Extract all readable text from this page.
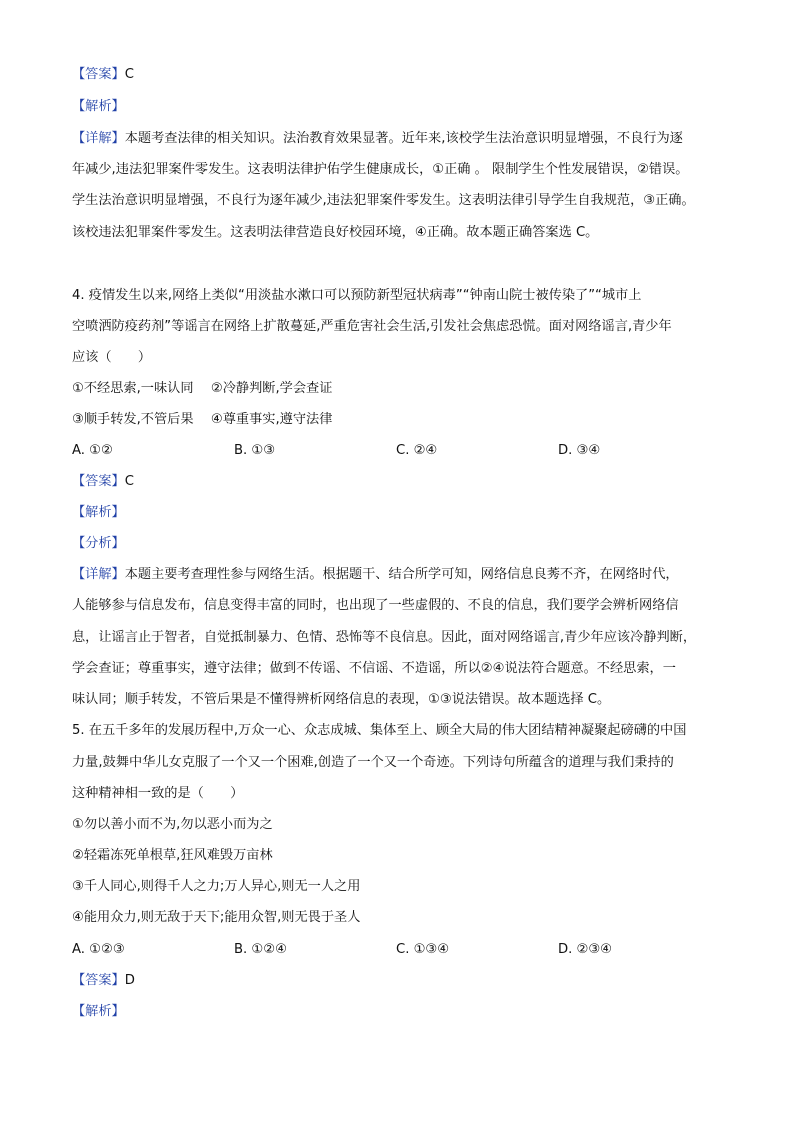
【答案】C
【解析】
【详解】本题考查法律的相关知识。法治教育效果显著。近年来,该校学生法治意识明显增强，不良行为逐
年减少,违法犯罪案件零发生。这表明法律护佑学生健康成长，①正确 。 限制学生个性发展错误，②错误。
学生法治意识明显增强，不良行为逐年减少,违法犯罪案件零发生。这表明法律引导学生自我规范，③正确。
该校违法犯罪案件零发生。这表明法律营造良好校园环境，④正确。故本题正确答案选 C。
4. 疫情发生以来,网络上类似“用淡盐水漱口可以预防新型冠状病毒”“钟南山院士被传染了”“城市上
空喷洒防疫药剂”等谣言在网络上扩散蔓延,严重危害社会生活,引发社会焦虑恐慌。面对网络谣言,青少年
应该（　　）
①不经思索,一味认同　 ②冷静判断,学会查证
③顺手转发,不管后果　 ④尊重事实,遵守法律
A. ①②	B. ①③	C. ②④	D. ③④
【答案】C
【解析】
【分析】
【详解】本题主要考查理性参与网络生活。根据题干、结合所学可知，网络信息良莠不齐，在网络时代，
人能够参与信息发布，信息变得丰富的同时，也出现了一些虚假的、不良的信息，我们要学会辨析网络信
息，让谣言止于智者，自觉抵制暴力、色情、恐怖等不良信息。因此，面对网络谣言,青少年应该冷静判断，
学会查证；尊重事实，遵守法律；做到不传谣、不信谣、不造谣，所以②④说法符合题意。不经思索，一
味认同；顺手转发，不管后果是不懂得辨析网络信息的表现，①③说法错误。故本题选择 C。
5. 在五千多年的发展历程中,万众一心、众志成城、集体至上、顾全大局的伟大团结精神凝聚起磅礴的中国
力量,鼓舞中华儿女克服了一个又一个困难,创造了一个又一个奇迹。下列诗句所蕴含的道理与我们秉持的
这种精神相一致的是（　　）
①勿以善小而不为,勿以恶小而为之
②轻霜冻死单根草,狂风难毁万亩林
③千人同心,则得千人之力;万人异心,则无一人之用
④能用众力,则无敌于天下;能用众智,则无畏于圣人
A. ①②③	B. ①②④	C. ①③④	D. ②③④
【答案】D
【解析】
